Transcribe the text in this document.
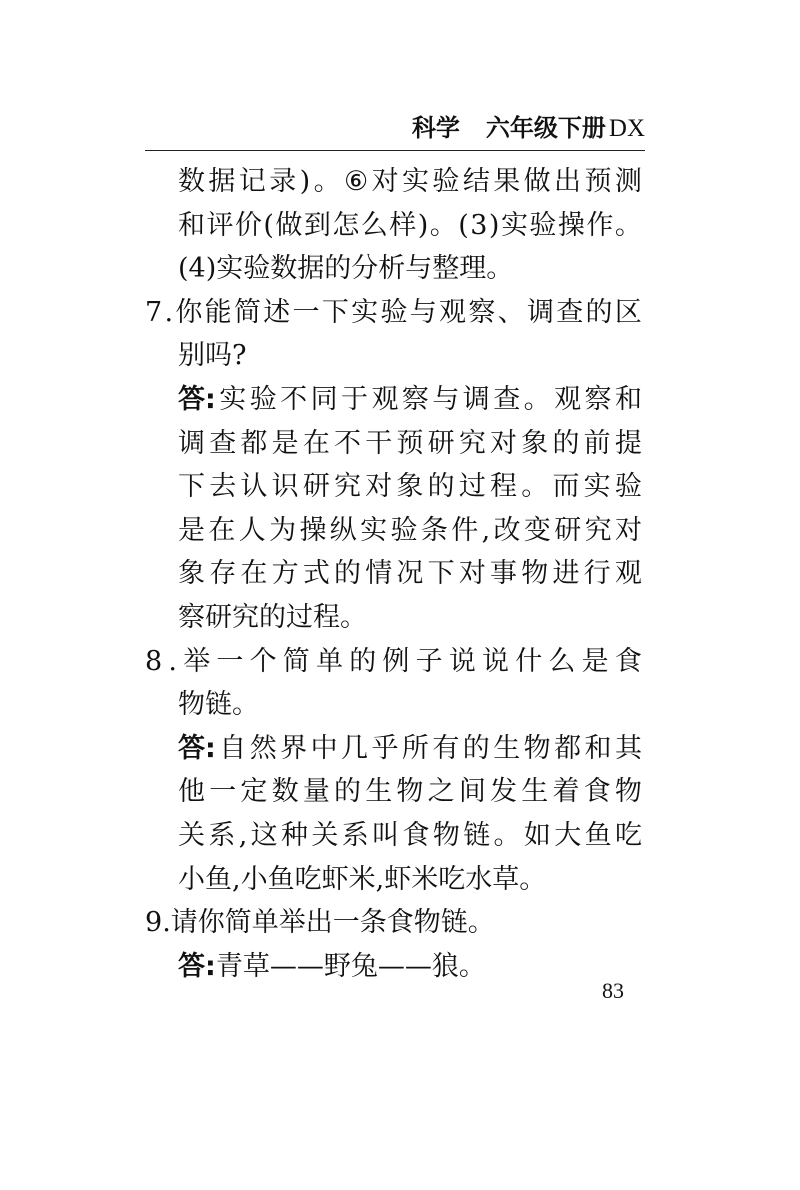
科学 六年级下册 DX
数 据 记 录 ) 。 ⑥ 对 实 验 结 果 做 出 预 测
和 评 价 ( 做 到 怎 么 样 ) 。 ( 3 ) 实 验 操 作 。
( 4 ) 实 验 数 据 的 分 析 与 整 理 。
7 . 你 能 简 述 一 下 实 验 与 观 察 、 调 查 的 区
别 吗 ?
答: 实 验 不 同 于 观 察 与 调 查 。 观 察 和
调 查 都 是 在 不 干 预 研 究 对 象 的 前 提
下 去 认 识 研 究 对 象 的 过 程 。 而 实 验
是 在 人 为 操 纵 实 验 条 件 , 改 变 研 究 对
象 存 在 方 式 的 情 况 下 对 事 物 进 行 观
察 研 究 的 过 程 。
8 . 举 一 个 简 单 的 例 子 说 说 什 么 是 食
物 链 。
答: 自 然 界 中 几 乎 所 有 的 生 物 都 和 其
他 一 定 数 量 的 生 物 之 间 发 生 着 食 物
关 系 , 这 种 关 系 叫 食 物 链 。 如 大 鱼 吃
小 鱼 , 小 鱼 吃 虾 米 , 虾 米 吃 水 草 。
9 . 请 你 简 单 举 出 一 条 食 物 链 。
答: 青 草 — — 野 兔 — — 狼 。
83
